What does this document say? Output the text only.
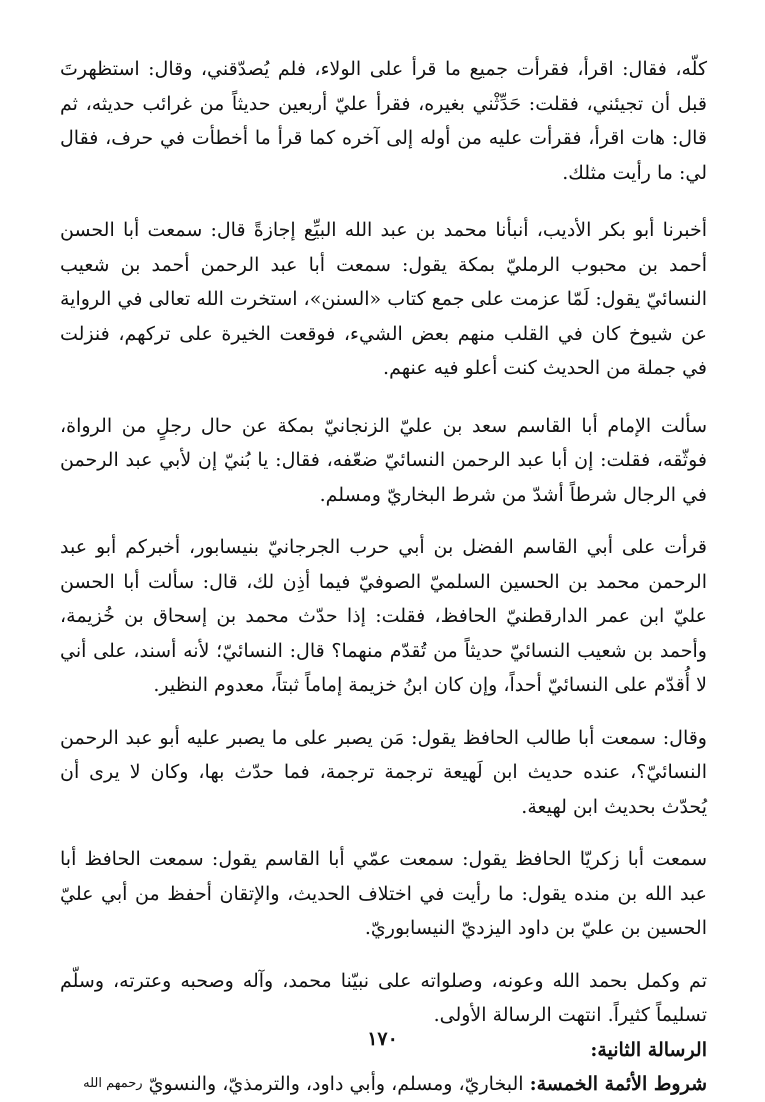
كلّه، فقال: اقرأ، فقرأت جميع ما قرأ على الولاء، فلم يُصدّقني، وقال: استظهرتَ قبل أن تجيئني، فقلت: حَدِّثْني بغيره، فقرأ عليّ أربعين حديثاً من غرائب حديثه، ثم قال: هات اقرأ، فقرأت عليه من أوله إلى آخره كما قرأ ما أخطأت في حرف، فقال لي: ما رأيت مثلك.

أخبرنا أبو بكر الأديب، أنبأنا محمد بن عبد الله البيِّع إجازةً قال: سمعت أبا الحسن أحمد بن محبوب الرمليّ بمكة يقول: سمعت أبا عبد الرحمن أحمد بن شعيب النسائيّ يقول: لَمّا عزمت على جمع كتاب «السنن»، استخرت الله تعالى في الرواية عن شيوخ كان في القلب منهم بعض الشيء، فوقعت الخيرة على تركهم، فنزلت في جملة من الحديث كنت أعلو فيه عنهم.

سألت الإمام أبا القاسم سعد بن عليّ الزنجانيّ بمكة عن حال رجلٍ من الرواة، فوثّقه، فقلت: إن أبا عبد الرحمن النسائيّ ضعّفه، فقال: يا بُنيّ إن لأبي عبد الرحمن في الرجال شرطاً أشدّ من شرط البخاريّ ومسلم.

قرأت على أبي القاسم الفضل بن أبي حرب الجرجانيّ بنيسابور، أخبركم أبو عبد الرحمن محمد بن الحسين السلميّ الصوفيّ فيما أذِن لك، قال: سألت أبا الحسن عليّ ابن عمر الدارقطنيّ الحافظ، فقلت: إذا حدّث محمد بن إسحاق بن خُزيمة، وأحمد بن شعيب النسائيّ حديثاً من تُقدّم منهما؟ قال: النسائيّ؛ لأنه أسند، على أني لا أُقدّم على النسائيّ أحداً، وإن كان ابنُ خزيمة إماماً ثبتاً، معدوم النظير.

وقال: سمعت أبا طالب الحافظ يقول: مَن يصبر على ما يصبر عليه أبو عبد الرحمن النسائيّ؟، عنده حديث ابن لَهيعة ترجمة ترجمة، فما حدّث بها، وكان لا يرى أن يُحدّث بحديث ابن لهيعة.

سمعت أبا زكريّا الحافظ يقول: سمعت عمّي أبا القاسم يقول: سمعت الحافظ أبا عبد الله بن منده يقول: ما رأيت في اختلاف الحديث، والإتقان أحفظ من أبي عليّ الحسين بن عليّ بن داود اليزديّ النيسابوريّ.

تم وكمل بحمد الله وعونه، وصلواته على نبيّنا محمد، وآله وصحبه وعترته، وسلّم تسليماً كثيراً. انتهت الرسالة الأولى.

الرسالة الثانية:

شروط الأئمة الخمسة: البخاريّ، ومسلم، وأبي داود، والترمذيّ، والنسويّ رحمهم الله

١٧٠
